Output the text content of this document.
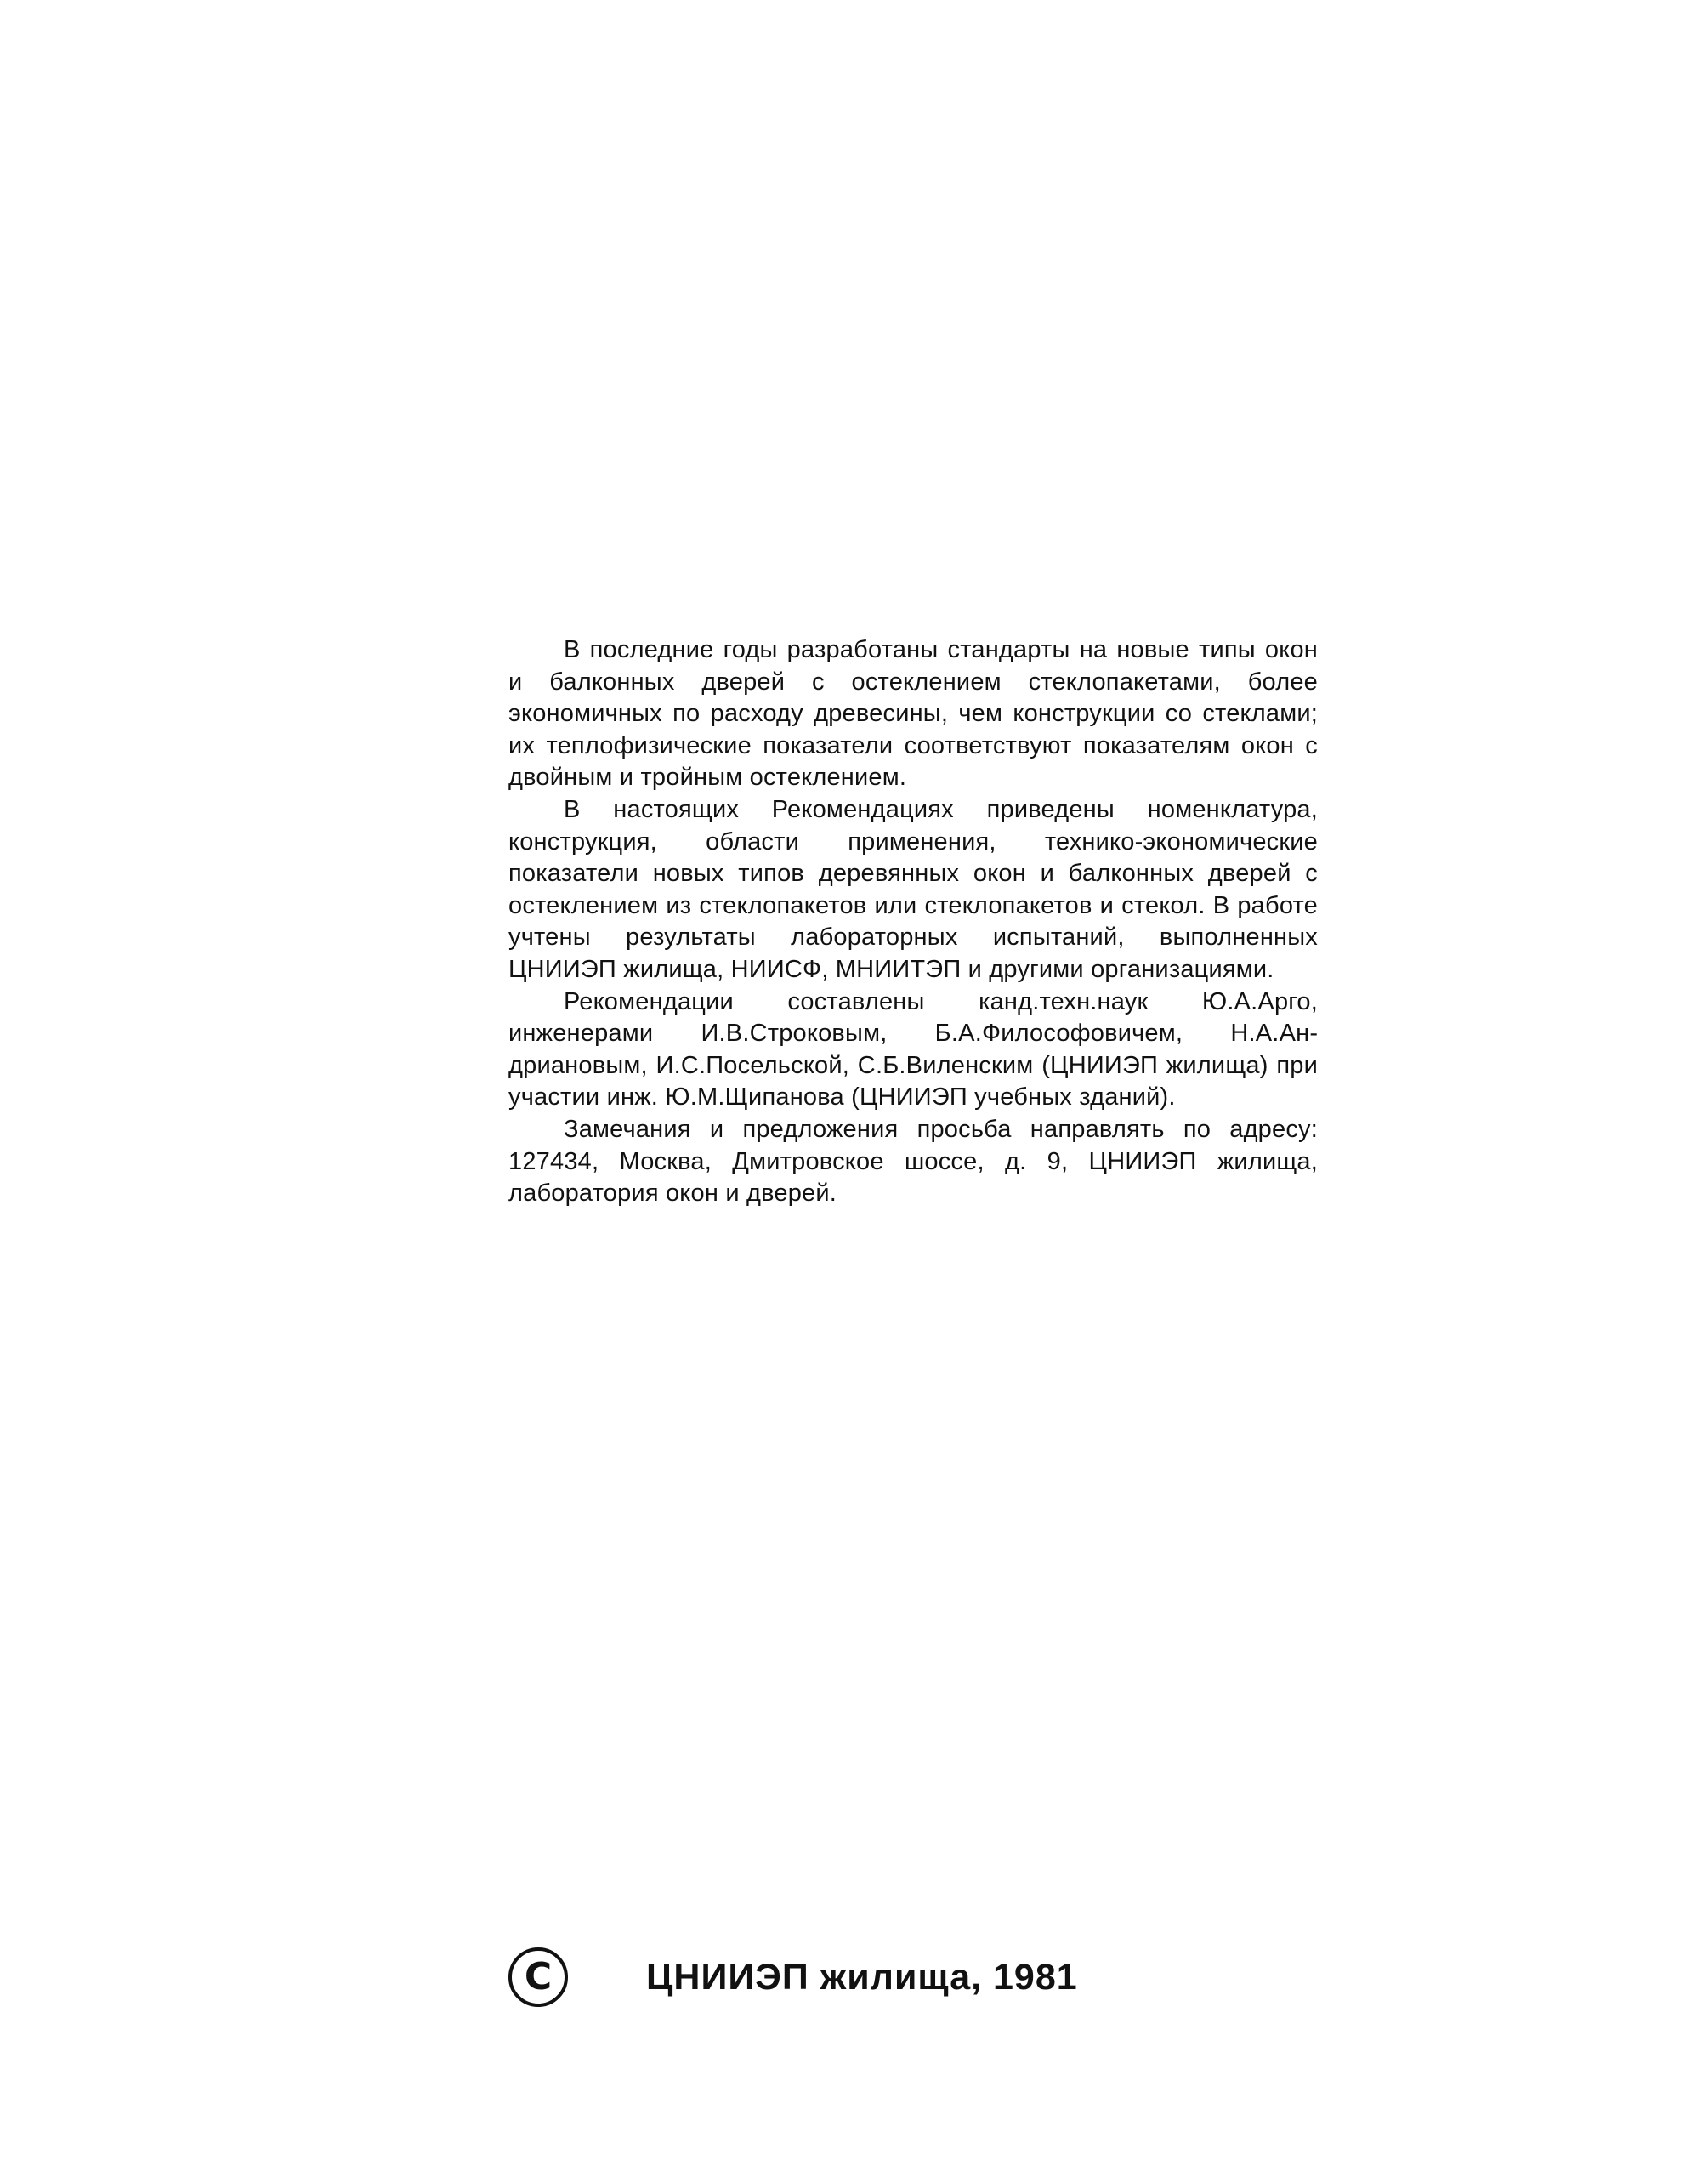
В последние годы разработаны стандарты на новые типы окон и балконных дверей с остеклением стеклопакетами, более экономичных по расходу древесины, чем конструкции со стеклами; их теплофизические показатели соответствуют показателям окон с двойным и тройным остеклением.

В настоящих Рекомендациях приведены номенклатура, конструкция, области применения, технико-экономические показатели новых типов деревянных окон и балконных дверей с остеклением из стеклопакетов или стеклопакетов и стекол. В работе учтены результаты лабораторных испытаний, выполненных ЦНИИЭП жилища, НИИСФ, МНИИТЭП и другими организациями.

Рекомендации составлены канд.техн.наук Ю.А.Арго, инженерами И.В.Строковым, Б.А.Философовичем, Н.А.Андриановым, И.С.Посельской, С.Б.Виленским (ЦНИИЭП жилища) при участии инж. Ю.М.Щипанова (ЦНИИЭП учебных зданий).

Замечания и предложения просьба направлять по адресу: 127434, Москва, Дмитровское шоссе, д. 9, ЦНИИЭП жилища, лаборатория окон и дверей.

C	ЦНИИЭП жилища, 1981
